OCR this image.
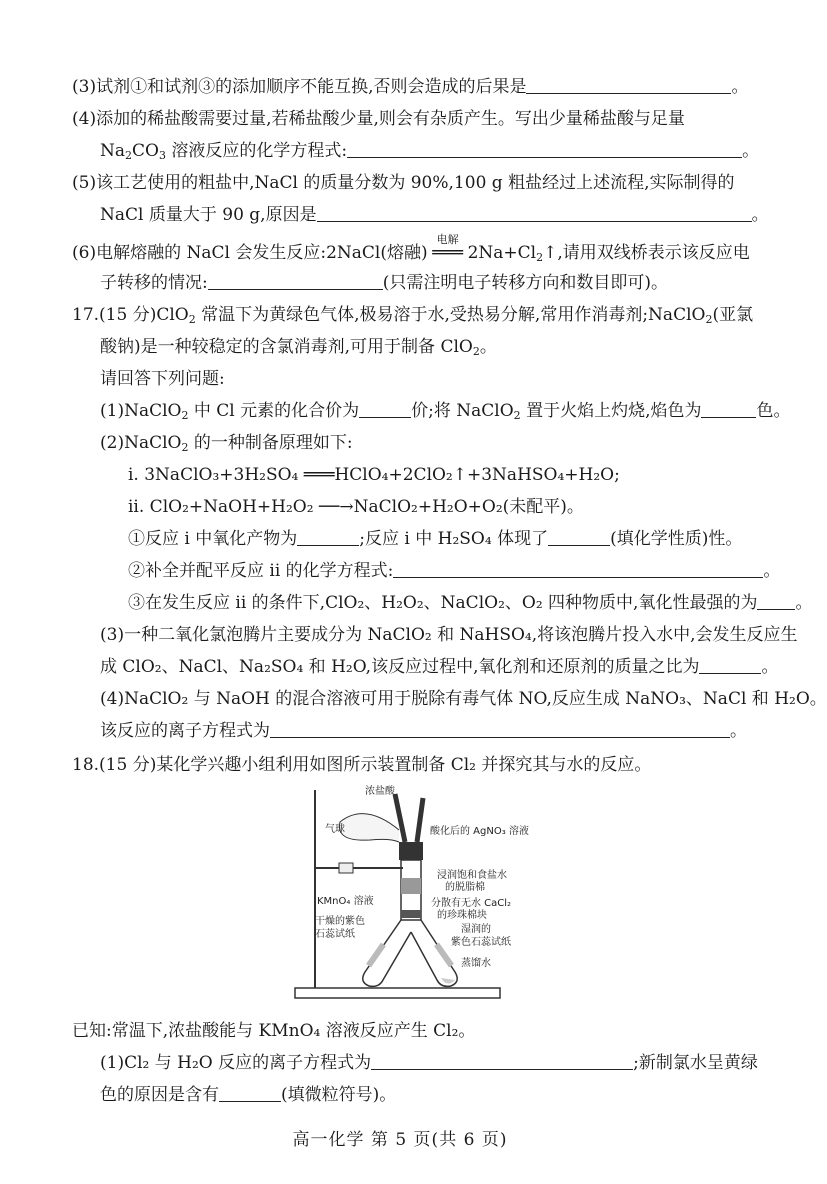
(3)试剂①和试剂③的添加顺序不能互换,否则会造成的后果是	。
(4)添加的稀盐酸需要过量,若稀盐酸少量,则会有杂质产生。写出少量稀盐酸与足量
$Na_2CO_3$ 溶液反应的化学方程式:	。
(5)该工艺使用的粗盐中,NaCl 的质量分数为 90%,100 g 粗盐经过上述流程,实际制得的
NaCl 质量大于 90 g,原因是	。
(6)电解熔融的 NaCl 会发生反应:2NaCl(熔融)
电解
═══ $2Na+Cl_2↑$,请用双线桥表示该反应电
子转移的情况:	(只需注明电子转移方向和数目即可)。
17.(15 分)ClO$_2$ 常温下为黄绿色气体,极易溶于水,受热易分解,常用作消毒剂;NaClO$_2$(亚氯
酸钠)是一种较稳定的含氯消毒剂,可用于制备 ClO$_2$。
请回答下列问题:
(1)NaClO$_2$ 中 Cl 元素的化合价为	价;将 NaClO$_2$ 置于火焰上灼烧,焰色为	色。
(2)NaClO$_2$ 的一种制备原理如下:
i. 3NaClO₃+3H₂SO₄ ═══HClO₄+2ClO₂↑+3NaHSO₄+H₂O;
ii. ClO₂+NaOH+H₂O₂ ──→NaClO₂+H₂O+O₂(未配平)。
①反应 i 中氧化产物为	;反应 i 中 H₂SO₄ 体现了	(填化学性质)性。
②补全并配平反应 ii 的化学方程式:	。
③在发生反应 ii 的条件下,ClO₂、H₂O₂、NaClO₂、O₂ 四种物质中,氧化性最强的为 。
(3)一种二氧化氯泡腾片主要成分为 NaClO₂ 和 NaHSO₄,将该泡腾片投入水中,会发生反应生
成 ClO₂、NaCl、Na₂SO₄ 和 H₂O,该反应过程中,氧化剂和还原剂的质量之比为	。
(4)NaClO₂ 与 NaOH 的混合溶液可用于脱除有毒气体 NO,反应生成 NaNO₃、NaCl 和 H₂O。
该反应的离子方程式为	。
18.(15 分)某化学兴趣小组利用如图所示装置制备 Cl₂ 并探究其与水的反应。
浓盐酸
气球	酸化后的 AgNO₃ 溶液
浸润饱和食盐水
的脱脂棉
KMnO₄ 溶液	分散有无水 CaCl₂
的珍珠棉块
干燥的紫色
石蕊试纸	湿润的
紫色石蕊试纸
蒸馏水
已知:常温下,浓盐酸能与 KMnO₄ 溶液反应产生 Cl₂。
(1)Cl₂ 与 H₂O 反应的离子方程式为	;新制氯水呈黄绿
色的原因是含有	(填微粒符号)。
高一化学 第 5 页(共 6 页)
